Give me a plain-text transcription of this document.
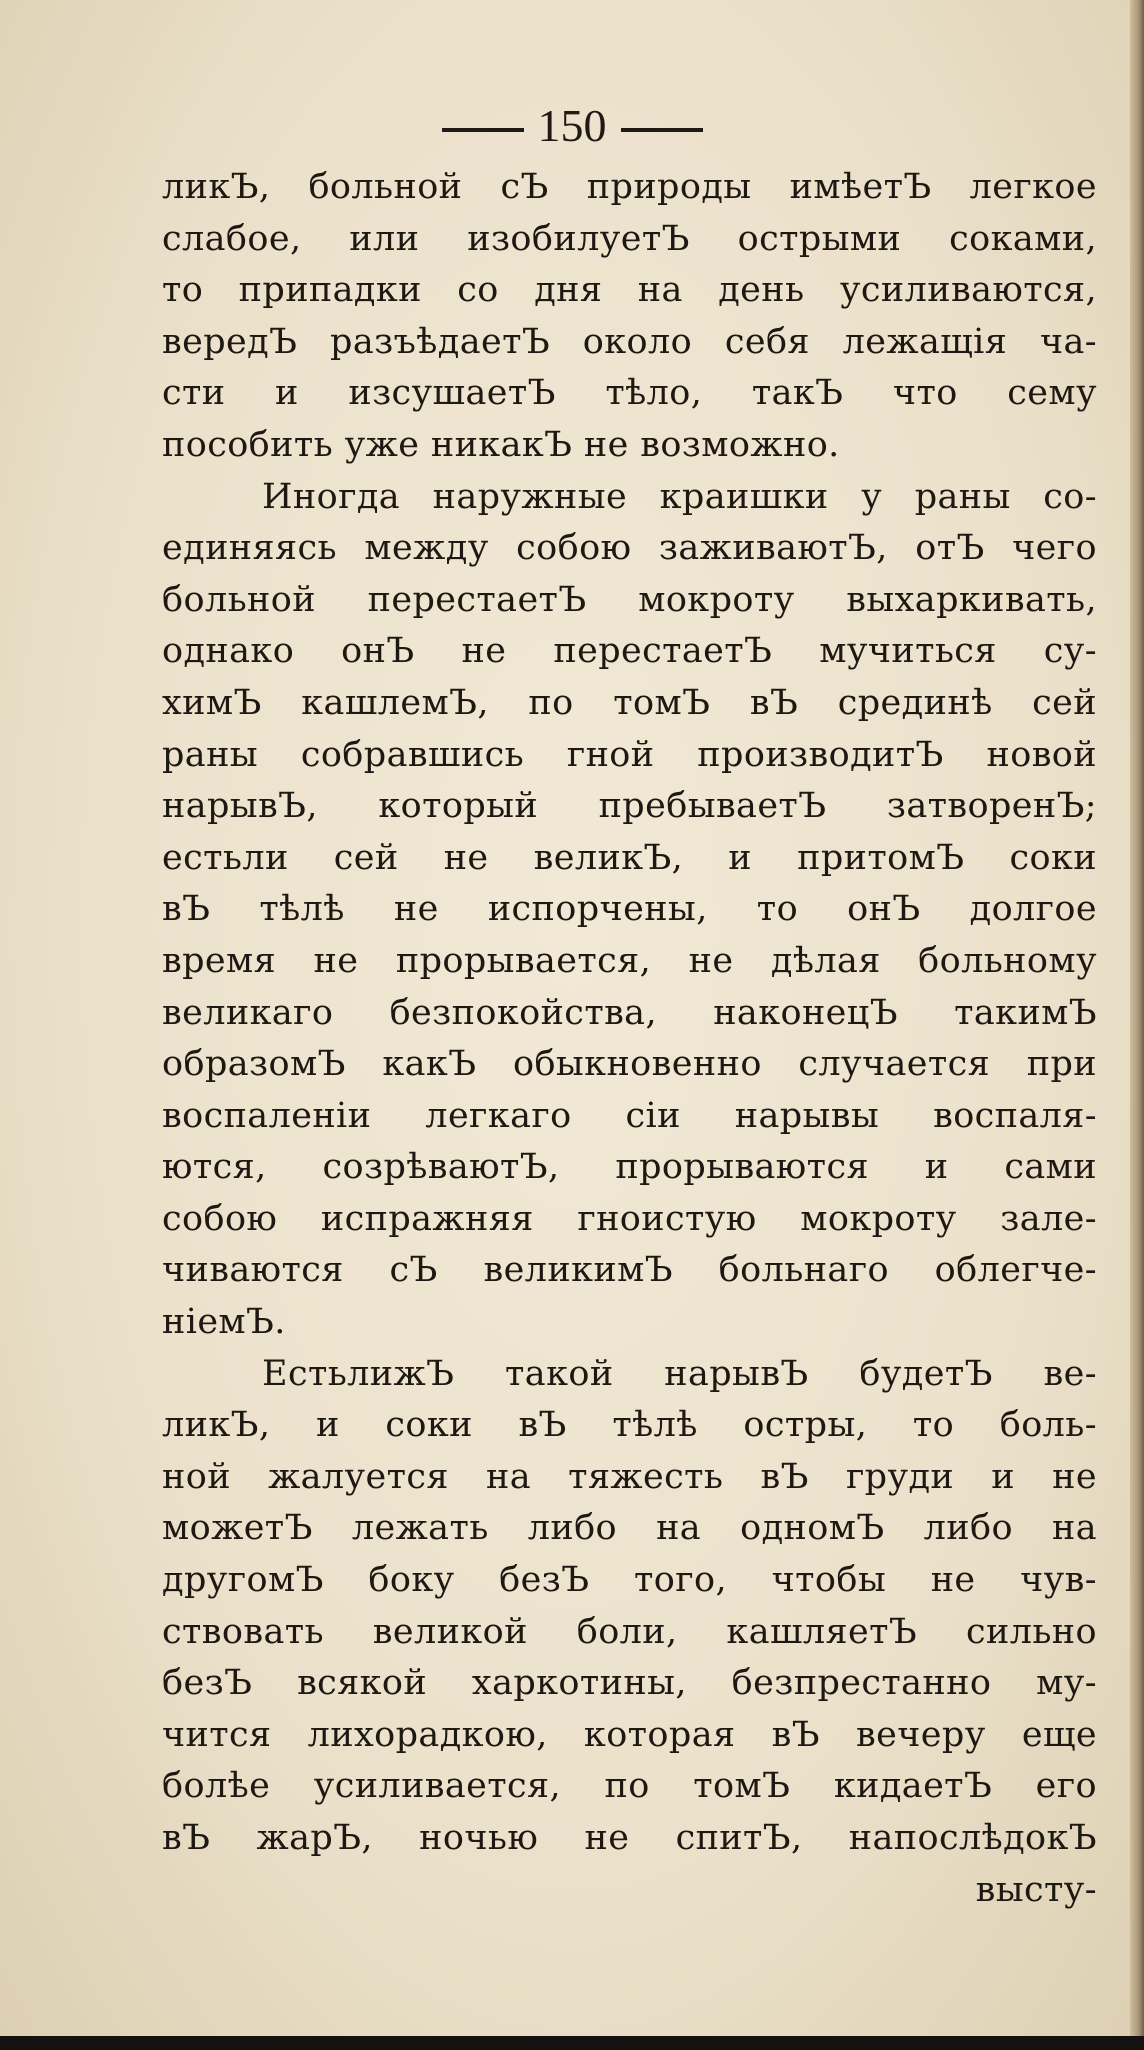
150
ликЪ, больной сЪ природы имѣетЪ легкое
слабое, или изобилуетЪ острыми соками,
то припадки со дня на день усиливаются,
вередЪ разъѣдаетЪ около себя лежащія ча-
сти и изсушаетЪ тѣло, такЪ что сему
пособить уже никакЪ не возможно.
Иногда наружные краишки у раны со-
единяясь между собою заживаютЪ, отЪ чего
больной перестаетЪ мокроту выхаркивать,
однако онЪ не перестаетЪ мучиться су-
химЪ кашлемЪ, по томЪ вЪ срединѣ сей
раны собравшись гной производитЪ новой
нарывЪ, который пребываетЪ затворенЪ;
естьли сей не великЪ, и притомЪ соки
вЪ тѣлѣ не испорчены, то онЪ долгое
время не прорывается, не дѣлая больному
великаго безпокойства, наконецЪ такимЪ
образомЪ какЪ обыкновенно случается при
воспаленіи легкаго сіи нарывы воспаля-
ются, созрѣваютЪ, прорываются и сами
собою испражняя гноистую мокроту зале-
чиваются сЪ великимЪ больнаго облегче-
ніемЪ.
ЕстьлижЪ такой нарывЪ будетЪ ве-
ликЪ, и соки вЪ тѣлѣ остры, то боль-
ной жалуется на тяжесть вЪ груди и не
можетЪ лежать либо на одномЪ либо на
другомЪ боку безЪ того, чтобы не чув-
ствовать великой боли, кашляетЪ сильно
безЪ всякой харкотины, безпрестанно му-
чится лихорадкою, которая вЪ вечеру еще
болѣе усиливается, по томЪ кидаетЪ его
вЪ жарЪ, ночью не спитЪ, напослѣдокЪ
высту-
